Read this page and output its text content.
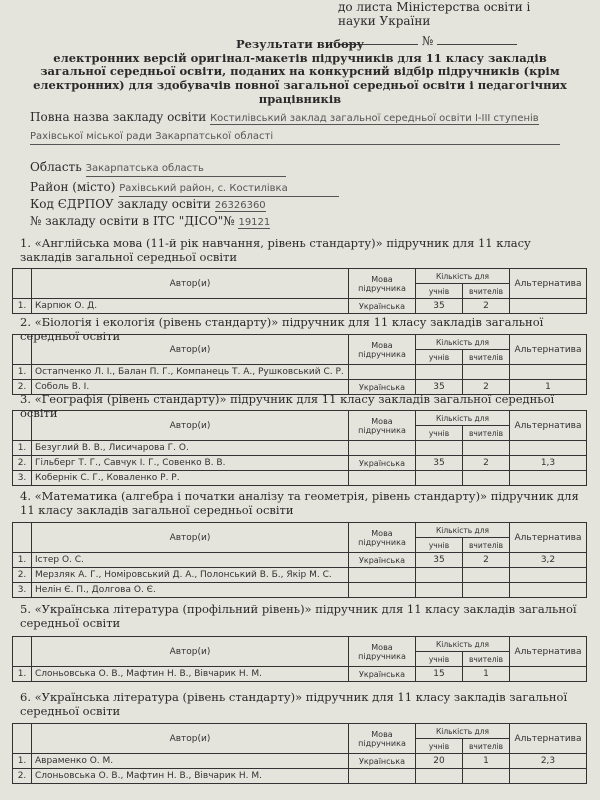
до листа Міністерства освіти і
науки України
№
Результати вибору
електронних версій оригінал-макетів підручників для 11 класу закладів
загальної середньої освіти, поданих на конкурсний відбір підручників (крім
електронних) для здобувачів повної загальної середньої освіти і педагогічних
працівників
Повна назва закладу освіти Костилівський заклад загальної середньої освіти І-ІІІ ступенів
Рахівської міської ради Закарпатської області
Область Закарпатська область
Район (місто) Рахівський район, с. Костилівка
Код ЄДРПОУ закладу освіти 26326360
№ закладу освіти в ІТС "ДІСО"№ 19121
1. «Англійська мова (11-й рік навчання, рівень стандарту)» підручник для 11 класу закладів загальної середньої освіти
2. «Біологія і екологія (рівень стандарту)» підручник для 11 класу закладів загальної середньої освіти
3. «Географія (рівень стандарту)» підручник для 11 класу закладів загальної середньої освіти
4. «Математика (алгебра і початки аналізу та геометрія, рівень стандарту)» підручник для 11 класу закладів загальної середньої освіти
5. «Українська література (профільний рівень)» підручник для 11 класу закладів загальної середньої освіти
6. «Українська література (рівень стандарту)» підручник для 11 класу закладів загальної середньої освіти
	Автор(и)	Мова підручника	Кількість для		Альтернатива
			учнів	вчителів	
1.	Карпюк О. Д.	Українська	35	2	
	Автор(и)	Мова підручника	Кількість для		Альтернатива
			учнів	вчителів	
1.	Остапченко Л. І., Балан П. Г., Компанець Т. А., Рушковський С. Р.				
2.	Соболь В. І.	Українська	35	2	1
	Автор(и)	Мова підручника	Кількість для		Альтернатива
			учнів	вчителів	
1.	Безуглий В. В., Лисичарова Г. О.				
2.	Гільберг Т. Г., Савчук І. Г., Совенко В. В.	Українська	35	2	1,3
3.	Кобернік С. Г., Коваленко Р. Р.				
	Автор(и)	Мова підручника	Кількість для		Альтернатива
			учнів	вчителів	
1.	Істер О. С.	Українська	35	2	3,2
2.	Мерзляк А. Г., Номіровський Д. А., Полонський В. Б., Якір М. С.				
3.	Нелін Є. П., Долгова О. Є.				
	Автор(и)	Мова підручника	Кількість для		Альтернатива
			учнів	вчителів	
1.	Слоньовська О. В., Мафтин Н. В., Вівчарик Н. М.	Українська	15	1	
	Автор(и)	Мова підручника	Кількість для		Альтернатива
			учнів	вчителів	
1.	Авраменко О. М.	Українська	20	1	2,3
2.	Слоньовська О. В., Мафтин Н. В., Вівчарик Н. М.				
